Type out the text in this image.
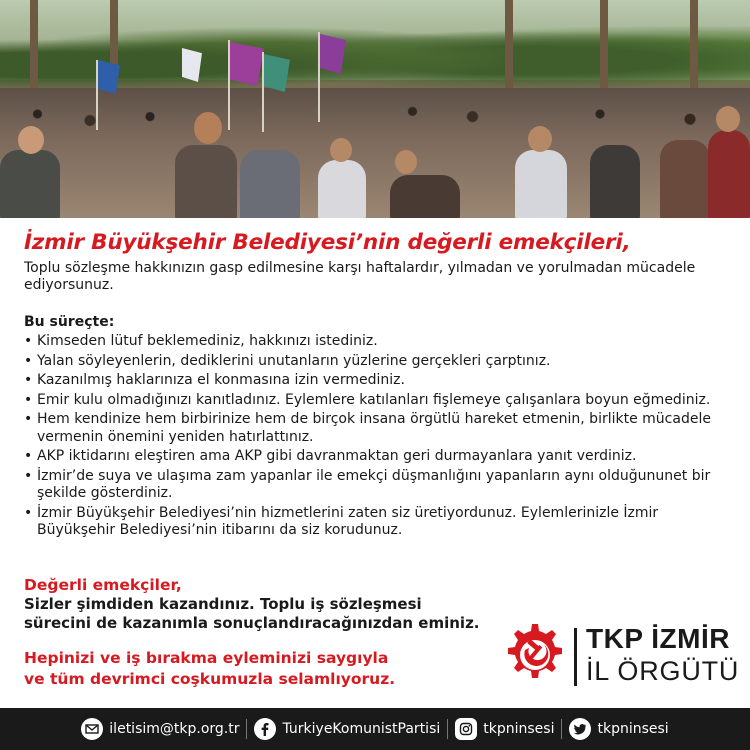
İzmir Büyükşehir Belediyesi’nin değerli emekçileri,

Toplu sözleşme hakkınızın gasp edilmesine karşı haftalardır, yılmadan ve yorulmadan mücadele ediyorsunuz.

Bu süreçte:

• Kimseden lütuf beklemediniz, hakkınızı istediniz.
• Yalan söyleyenlerin, dediklerini unutanların yüzlerine gerçekleri çarptınız.
• Kazanılmış haklarınıza el konmasına izin vermediniz.
• Emir kulu olmadığınızı kanıtladınız. Eylemlere katılanları fişlemeye çalışanlara boyun eğmediniz.
• Hem kendinize hem birbirinize hem de birçok insana örgütlü hareket etmenin, birlikte mücadele vermenin önemini yeniden hatırlattınız.
• AKP iktidarını eleştiren ama AKP gibi davranmaktan geri durmayanlara yanıt verdiniz.
• İzmir’de suya ve ulaşıma zam yapanlar ile emekçi düşmanlığını yapanların aynı olduğununet bir şekilde gösterdiniz.
• İzmir Büyükşehir Belediyesi’nin hizmetlerini zaten siz üretiyordunuz. Eylemlerinizle İzmir Büyükşehir Belediyesi’nin itibarını da siz korudunuz.

Değerli emekçiler,

Sizler şimdiden kazandınız. Toplu iş sözleşmesi

sürecini de kazanımla sonuçlandıracağınızdan eminiz.

Hepinizi ve iş bırakma eyleminizi saygıyla

ve tüm devrimci coşkumuzla selamlıyoruz.

TKP İZMİR
İL ÖRGÜTÜ
iletisim@tkp.org.tr	TurkiyeKomunistPartisi	tkpninsesi	tkpninsesi
